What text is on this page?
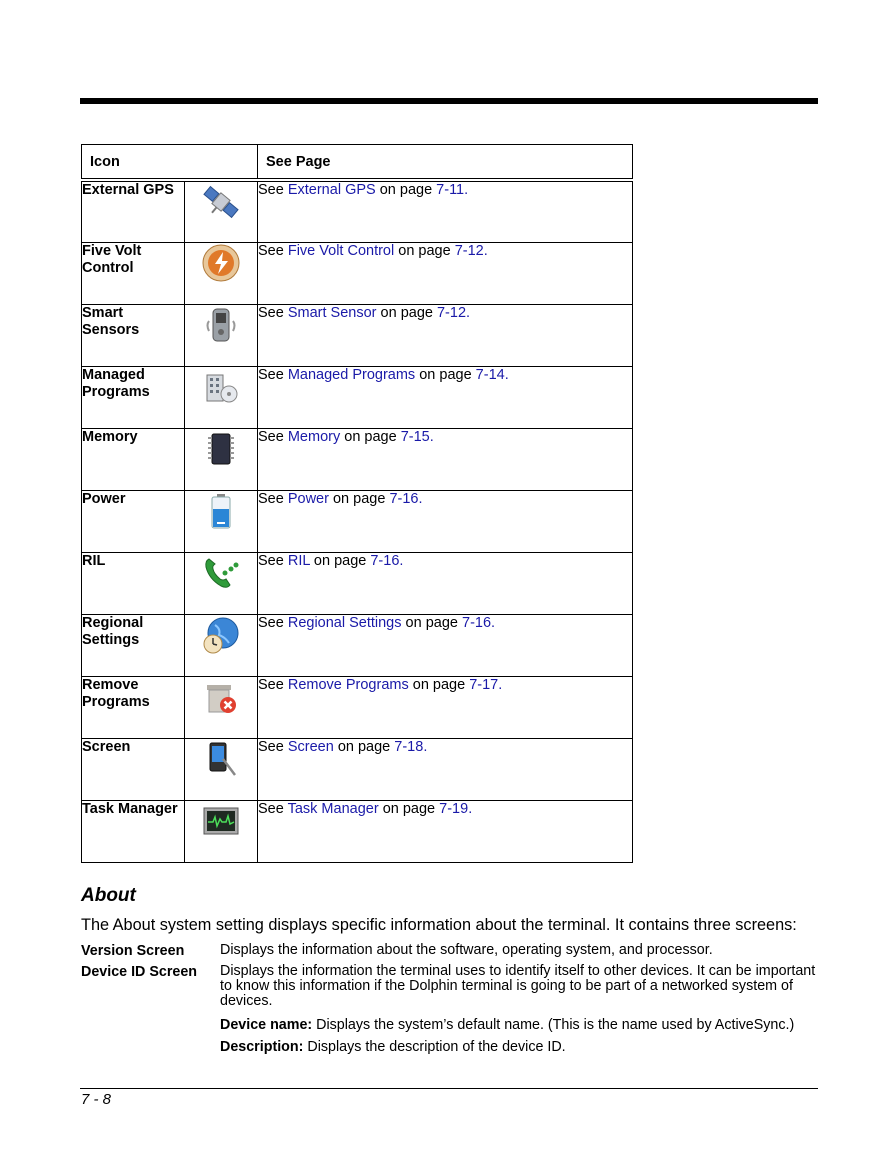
Icon		See Page
External GPS		See External GPS on page 7-11.
Five Volt Control		See Five Volt Control on page 7-12.
Smart Sensors		See Smart Sensor on page 7-12.
Managed Programs		See Managed Programs on page 7-14.
Memory		See Memory on page 7-15.
Power		See Power on page 7-16.
RIL		See RIL on page 7-16.
Regional Settings		See Regional Settings on page 7-16.
Remove Programs		See Remove Programs on page 7-17.
Screen		See Screen on page 7-18.
Task Manager		See Task Manager on page 7-19.
About

The About system setting displays specific information about the terminal. It contains three screens:

Version Screen Displays the information about the software, operating system, and processor.
Device ID Screen Displays the information the terminal uses to identify itself to other devices. It can be important to know this information if the Dolphin terminal is going to be part of a networked system of devices.
Device name: Displays the system’s default name. (This is the name used by ActiveSync.)
Description: Displays the description of the device ID.
7 - 8
